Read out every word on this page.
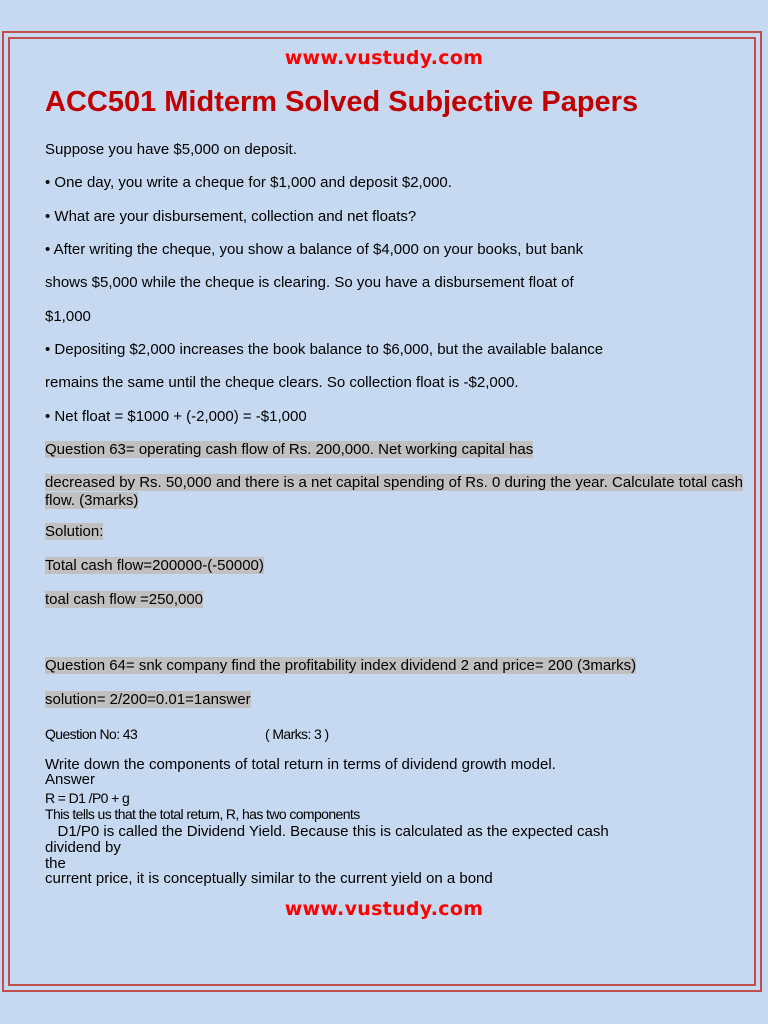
www.vustudy.com
ACC501 Midterm Solved Subjective Papers
Suppose you have $5,000 on deposit.
• One day, you write a cheque for $1,000 and deposit $2,000.
• What are your disbursement, collection and net floats?
• After writing the cheque, you show a balance of $4,000 on your books, but bank
shows $5,000 while the cheque is clearing. So you have a disbursement float of
$1,000
• Depositing $2,000 increases the book balance to $6,000, but the available balance
remains the same until the cheque clears. So collection float is -$2,000.
• Net float = $1000 + (-2,000) = -$1,000
Question 63= operating cash flow of Rs. 200,000. Net working capital has
decreased by Rs. 50,000 and there is a net capital spending of Rs. 0 during the year. Calculate total cash
flow. (3marks)
Solution:
Total cash flow=200000-(-50000)
toal cash flow =250,000
Question 64= snk company find the profitability index dividend 2 and price= 200 (3marks)
solution= 2/200=0.01=1answer
Question No: 43	( Marks: 3 )
Write down the components of total return in terms of dividend growth model.
Answer
R = D1 /P0 + g
This tells us that the total return, R, has two components
D1/P0 is called the Dividend Yield. Because this is calculated as the expected cash
dividend by
the
current price, it is conceptually similar to the current yield on a bond
www.vustudy.com
